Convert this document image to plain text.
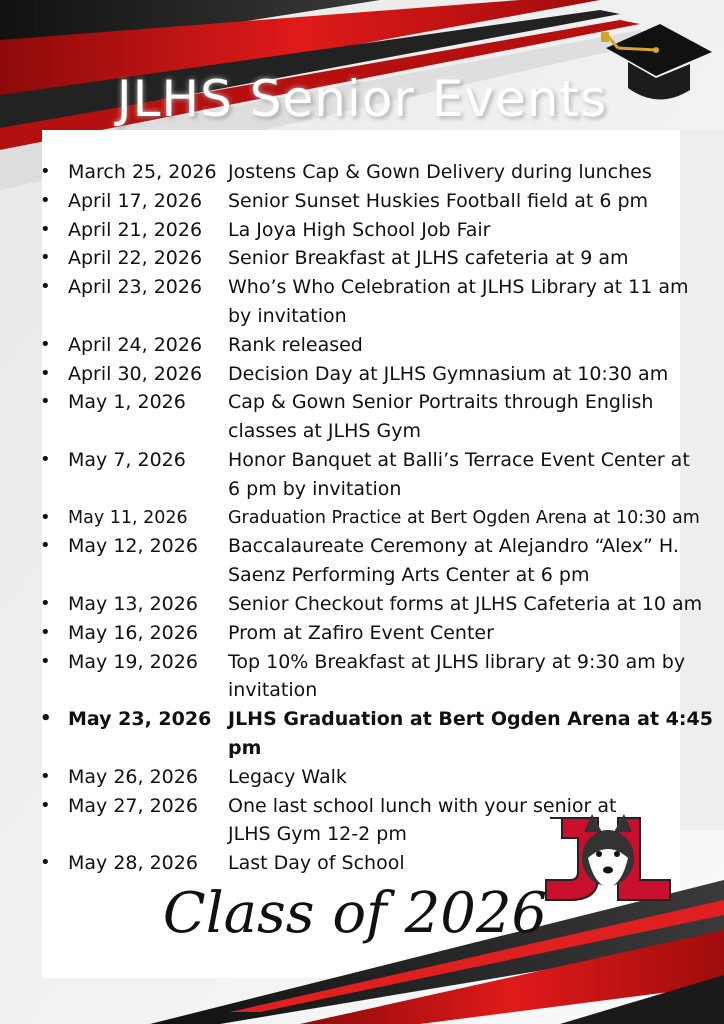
JLHS Senior Events
• March 25, 2026 Jostens Cap & Gown Delivery during lunches
• April 17, 2026	Senior Sunset Huskies Football field at 6 pm
• April 21, 2026	La Joya High School Job Fair
• April 22, 2026	Senior Breakfast at JLHS cafeteria at 9 am
• April 23, 2026	Who’s Who Celebration at JLHS Library at 11 am
by invitation
• April 24, 2026	Rank released
• April 30, 2026	Decision Day at JLHS Gymnasium at 10:30 am
• May 1, 2026	Cap & Gown Senior Portraits through English
classes at JLHS Gym
• May 7, 2026	Honor Banquet at Balli’s Terrace Event Center at
6 pm by invitation
• May 11, 2026	Graduation Practice at Bert Ogden Arena at 10:30 am
• May 12, 2026	Baccalaureate Ceremony at Alejandro “Alex” H.
Saenz Performing Arts Center at 6 pm
• May 13, 2026	Senior Checkout forms at JLHS Cafeteria at 10 am
• May 16, 2026	Prom at Zafiro Event Center
• May 19, 2026	Top 10% Breakfast at JLHS library at 9:30 am by
invitation
• May 23, 2026 JLHS Graduation at Bert Ogden Arena at 4:45 pm
• May 26, 2026	Legacy Walk
• May 27, 2026	One last school lunch with your senior at
JLHS Gym 12-2 pm
• May 28, 2026	Last Day of School
Class of 2026
